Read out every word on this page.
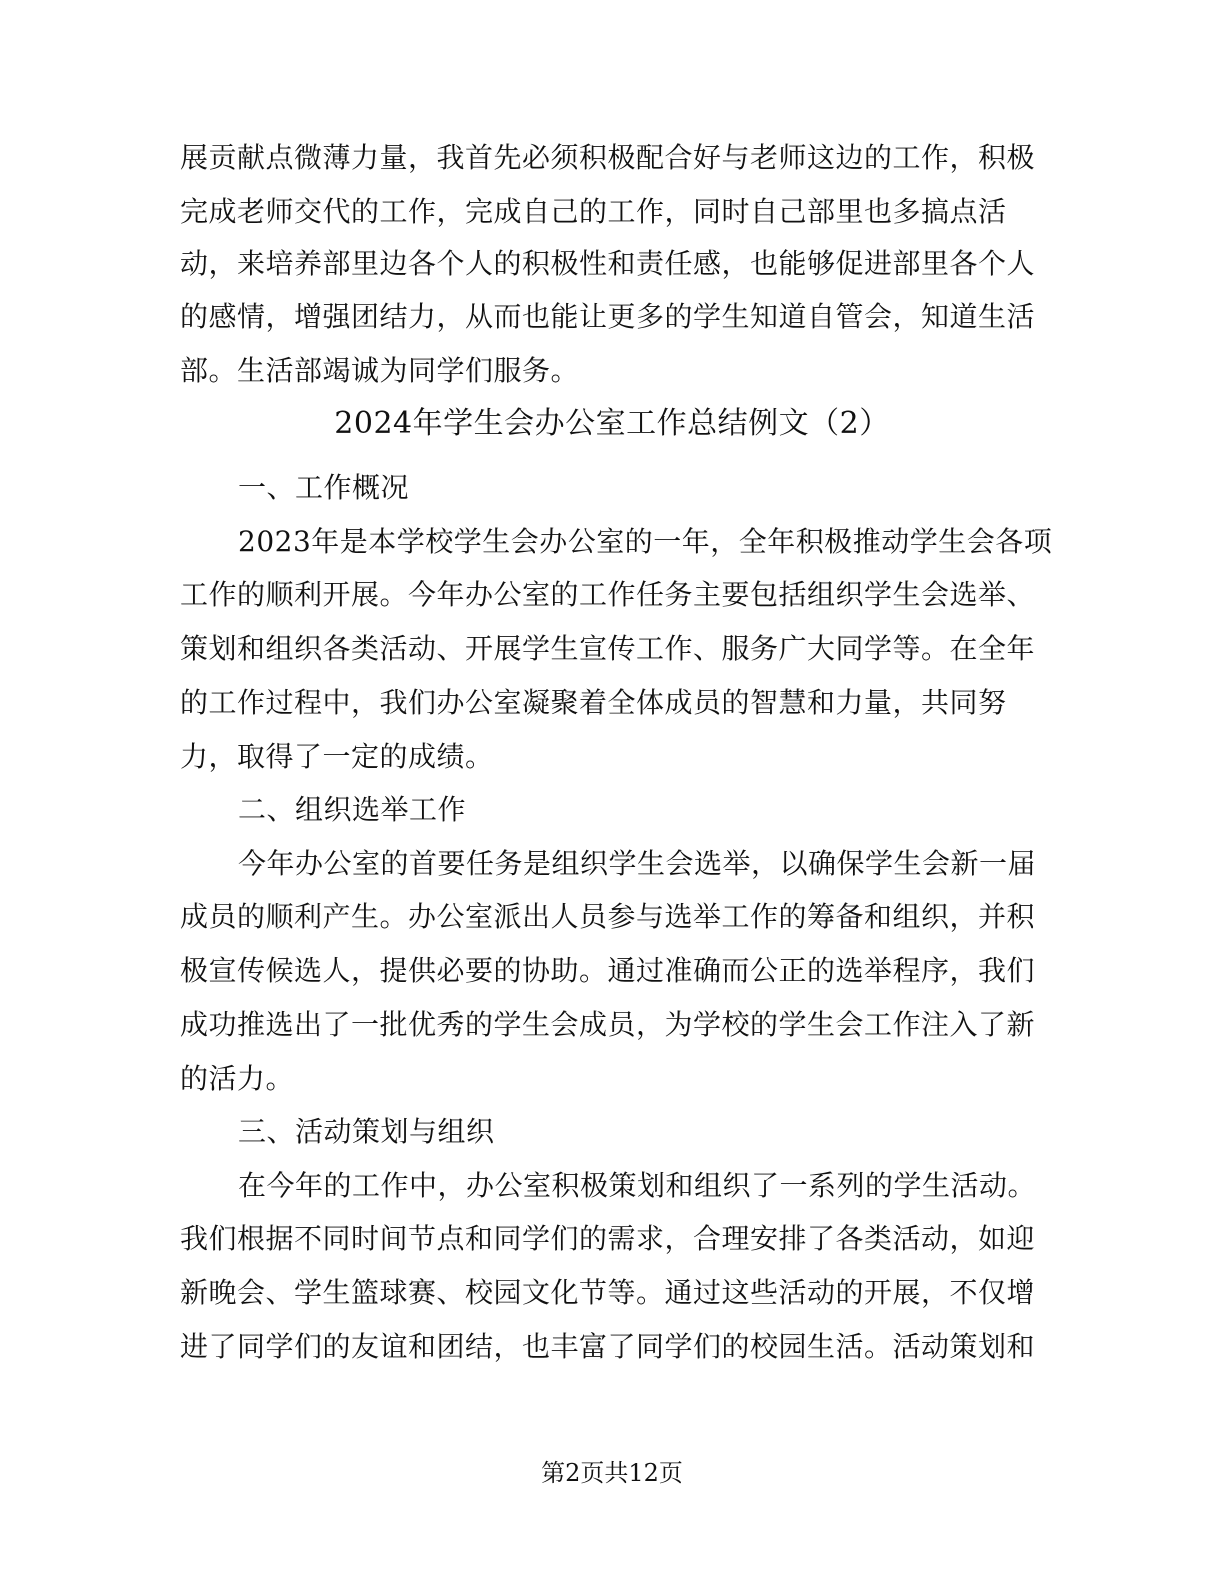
展贡献点微薄力量，我首先必须积极配合好与老师这边的工作，积极
完成老师交代的工作，完成自己的工作，同时自己部里也多搞点活
动，来培养部里边各个人的积极性和责任感，也能够促进部里各个人
的感情，增强团结力，从而也能让更多的学生知道自管会，知道生活
部。生活部竭诚为同学们服务。
2024年学生会办公室工作总结例文（2）
一、工作概况
2023年是本学校学生会办公室的一年，全年积极推动学生会各项
工作的顺利开展。今年办公室的工作任务主要包括组织学生会选举、
策划和组织各类活动、开展学生宣传工作、服务广大同学等。在全年
的工作过程中，我们办公室凝聚着全体成员的智慧和力量，共同努
力，取得了一定的成绩。
二、组织选举工作
今年办公室的首要任务是组织学生会选举，以确保学生会新一届
成员的顺利产生。办公室派出人员参与选举工作的筹备和组织，并积
极宣传候选人，提供必要的协助。通过准确而公正的选举程序，我们
成功推选出了一批优秀的学生会成员，为学校的学生会工作注入了新
的活力。
三、活动策划与组织
在今年的工作中，办公室积极策划和组织了一系列的学生活动。
我们根据不同时间节点和同学们的需求，合理安排了各类活动，如迎
新晚会、学生篮球赛、校园文化节等。通过这些活动的开展，不仅增
进了同学们的友谊和团结，也丰富了同学们的校园生活。活动策划和
第2页共12页
